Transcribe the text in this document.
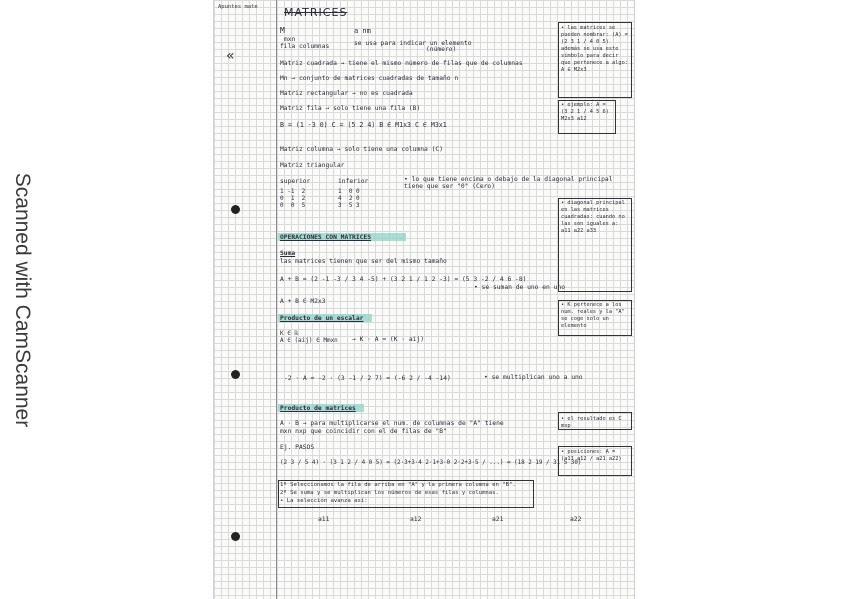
Scanned with CamScanner
«
Apuntes mate MATRICES
M
mxn
fila columnas
a nm
se usa para indicar un elemento
(número)
Matriz cuadrada → tiene el mismo número de filas que de columnas
Mn → conjunto de matrices cuadradas de tamaño n
Matriz rectangular → no es cuadrada
Matriz fila → solo tiene una fila (B)
B = (1 -3 0) C = (5 2 4) B ∈ M1x3 C ∈ M3x1
Matriz columna → solo tiene una columna (C)
Matriz triangular
superior	inferior
1 -1  2
0  1  2
0  0  5
1  0 0
4  2 0
3  5 3
• lo que tiene encima o debajo de la diagonal principal tiene que ser "0" (Cero)
OPERACIONES CON MATRICES
Suma
las matrices tienen que ser del mismo tamaño
A + B = (2 -1 -3 / 3 4 -5) + (3 2 1 / 1 2 -3) = (5 3 -2 / 4 6 -8)
• se suman de uno en uno
A + B ∈ M2x3
Producto de un escalar
K ∈ ℝ
A ∈ (aij) ∈ Mmxn → K · A = (K · aij)
-2 · A = -2 · (3 -1 / 2 7) = (-6 2 / -4 -14)	• se multiplican uno a uno
Producto de matrices
A · B → para multiplicarse el num. de columnas de "A" tiene
mxn nxp que coincidir con el de filas de "B"
Ej. PASOS
(2 3 / 5 4) · (3 1 2 / 4 0 5) = (2·3+3·4 2·1+3·0 2·2+3·5 / ...) = (18 2 19 / 31 5 30)
1º Seleccionamos la fila de arriba en "A" y la primera columna en "B".
2º Se suma y se multiplican los números de esas filas y columnas.
• La selección avanza así:
a11	a12	a21	a22
• las matrices se pueden nombrar: (A) = (2 3 1 / 4 0 5) además se usa este símbolo para decir que pertenece a algo: A ∈ M2x3
• ejemplo: A = (3 2 1 / 4 5 6) M2x3 a12
• diagonal principal en las matrices cuadradas: cuando no las son iguales a: a11 a22 a33
• K pertenece a los num. reales y la "A" se coge solo un elemento
• el resultado es C mxp
• posiciones: A = (a11 a12 / a21 a22)
